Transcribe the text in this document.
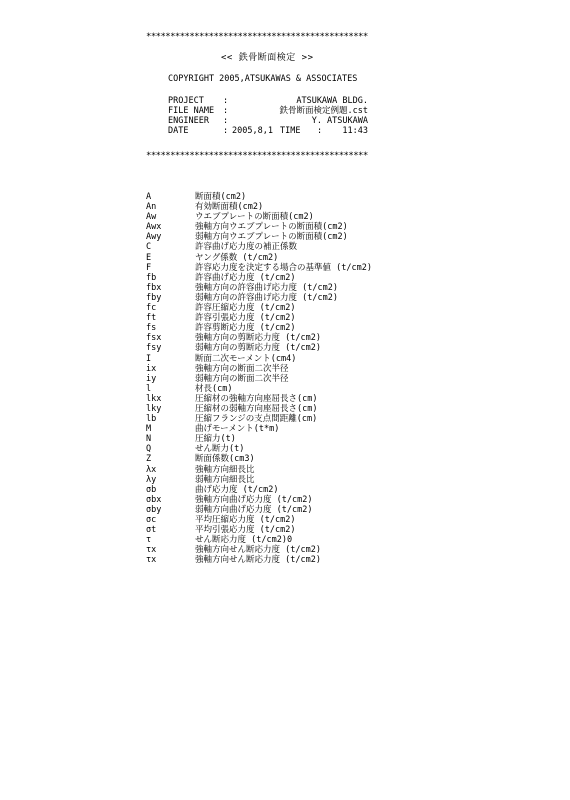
**********************************************
<< 鉄骨断面検定 >>
COPYRIGHT 2005,ATSUKAWAS & ASSOCIATES
PROJECT :	ATSUKAWA BLDG.
FILE NAME :	鉄骨断面検定例題.cst
ENGINEER :	Y. ATSUKAWA
DATE	: 2005,8,1 TIME : 11:43
**********************************************
A	断面積(cm2)
An	有効断面積(cm2)
Aw	ウエブプレートの断面積(cm2)
Awx	強軸方向ウエブプレートの断面積(cm2)
Awy	弱軸方向ウエブプレートの断面積(cm2)
C	許容曲げ応力度の補正係数
E	ヤング係数 (t/cm2)
F	許容応力度を決定する場合の基準値 (t/cm2)
fb	許容曲げ応力度 (t/cm2)
fbx	強軸方向の許容曲げ応力度 (t/cm2)
fby	弱軸方向の許容曲げ応力度 (t/cm2)
fc	許容圧縮応力度 (t/cm2)
ft	許容引張応力度 (t/cm2)
fs	許容剪断応力度 (t/cm2)
fsx	強軸方向の剪断応力度 (t/cm2)
fsy	弱軸方向の剪断応力度 (t/cm2)
I	断面二次モーメント(cm4)
ix	強軸方向の断面二次半径
iy	弱軸方向の断面二次半径
l	材長(cm)
lkx	圧縮材の強軸方向座屈長さ(cm)
lky	圧縮材の弱軸方向座屈長さ(cm)
lb	圧縮フランジの支点間距離(cm)
M	曲げモーメント(t*m)
N	圧縮力(t)
Q	せん断力(t)
Z	断面係数(cm3)
λx	強軸方向細長比
λy	弱軸方向細長比
σb	曲げ応力度 (t/cm2)
σbx	強軸方向曲げ応力度 (t/cm2)
σby	弱軸方向曲げ応力度 (t/cm2)
σc	平均圧縮応力度 (t/cm2)
σt	平均引張応力度 (t/cm2)
τ	せん断応力度 (t/cm2)0
τx	強軸方向せん断応力度 (t/cm2)
τx	強軸方向せん断応力度 (t/cm2)
